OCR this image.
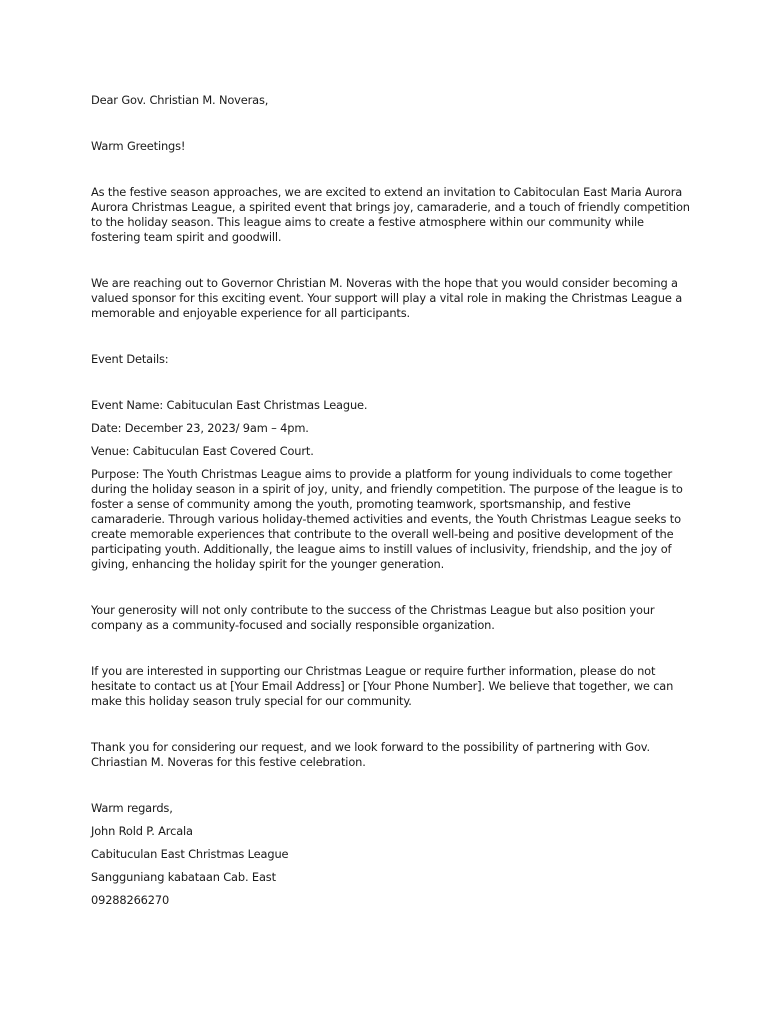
Dear Gov. Christian M. Noveras,

Warm Greetings!

As the festive season approaches, we are excited to extend an invitation to Cabitoculan East Maria Aurora Aurora Christmas League, a spirited event that brings joy, camaraderie, and a touch of friendly competition to the holiday season. This league aims to create a festive atmosphere within our community while fostering team spirit and goodwill.

We are reaching out to Governor Christian M. Noveras with the hope that you would consider becoming a valued sponsor for this exciting event. Your support will play a vital role in making the Christmas League a memorable and enjoyable experience for all participants.

Event Details:

Event Name: Cabituculan East Christmas League.

Date: December 23, 2023/ 9am – 4pm.

Venue: Cabituculan East Covered Court.

Purpose: The Youth Christmas League aims to provide a platform for young individuals to come together during the holiday season in a spirit of joy, unity, and friendly competition. The purpose of the league is to foster a sense of community among the youth, promoting teamwork, sportsmanship, and festive camaraderie. Through various holiday-themed activities and events, the Youth Christmas League seeks to create memorable experiences that contribute to the overall well-being and positive development of the participating youth. Additionally, the league aims to instill values of inclusivity, friendship, and the joy of giving, enhancing the holiday spirit for the younger generation.

Your generosity will not only contribute to the success of the Christmas League but also position your company as a community-focused and socially responsible organization.

If you are interested in supporting our Christmas League or require further information, please do not hesitate to contact us at [Your Email Address] or [Your Phone Number]. We believe that together, we can make this holiday season truly special for our community.

Thank you for considering our request, and we look forward to the possibility of partnering with Gov. Chriastian M. Noveras for this festive celebration.

Warm regards,

John Rold P. Arcala

Cabituculan East Christmas League

Sangguniang kabataan Cab. East

09288266270
